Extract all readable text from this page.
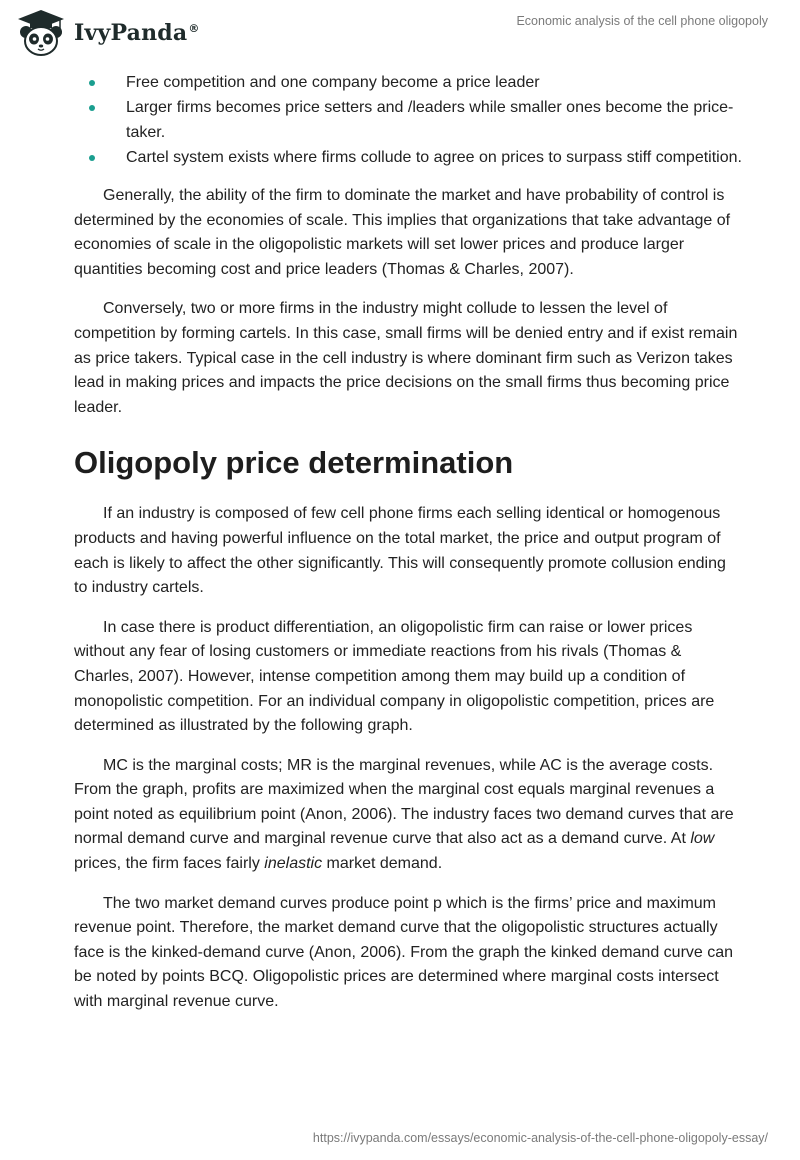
IvyPanda®
Economic analysis of the cell phone oligopoly
Free competition and one company become a price leader
Larger firms becomes price setters and /leaders while smaller ones become the price-taker.
Cartel system exists where firms collude to agree on prices to surpass stiff competition.

Generally, the ability of the firm to dominate the market and have probability of control is determined by the economies of scale. This implies that organizations that take advantage of economies of scale in the oligopolistic markets will set lower prices and produce larger quantities becoming cost and price leaders (Thomas & Charles, 2007).

Conversely, two or more firms in the industry might collude to lessen the level of competition by forming cartels. In this case, small firms will be denied entry and if exist remain as price takers. Typical case in the cell industry is where dominant firm such as Verizon takes lead in making prices and impacts the price decisions on the small firms thus becoming price leader.

Oligopoly price determination

If an industry is composed of few cell phone firms each selling identical or homogenous products and having powerful influence on the total market, the price and output program of each is likely to affect the other significantly. This will consequently promote collusion ending to industry cartels.

In case there is product differentiation, an oligopolistic firm can raise or lower prices without any fear of losing customers or immediate reactions from his rivals (Thomas & Charles, 2007). However, intense competition among them may build up a condition of monopolistic competition. For an individual company in oligopolistic competition, prices are determined as illustrated by the following graph.

MC is the marginal costs; MR is the marginal revenues, while AC is the average costs. From the graph, profits are maximized when the marginal cost equals marginal revenues a point noted as equilibrium point (Anon, 2006). The industry faces two demand curves that are normal demand curve and marginal revenue curve that also act as a demand curve. At low prices, the firm faces fairly inelastic market demand.

The two market demand curves produce point p which is the firms’ price and maximum revenue point. Therefore, the market demand curve that the oligopolistic structures actually face is the kinked-demand curve (Anon, 2006). From the graph the kinked demand curve can be noted by points BCQ. Oligopolistic prices are determined where marginal costs intersect with marginal revenue curve.

https://ivypanda.com/essays/economic-analysis-of-the-cell-phone-oligopoly-essay/
